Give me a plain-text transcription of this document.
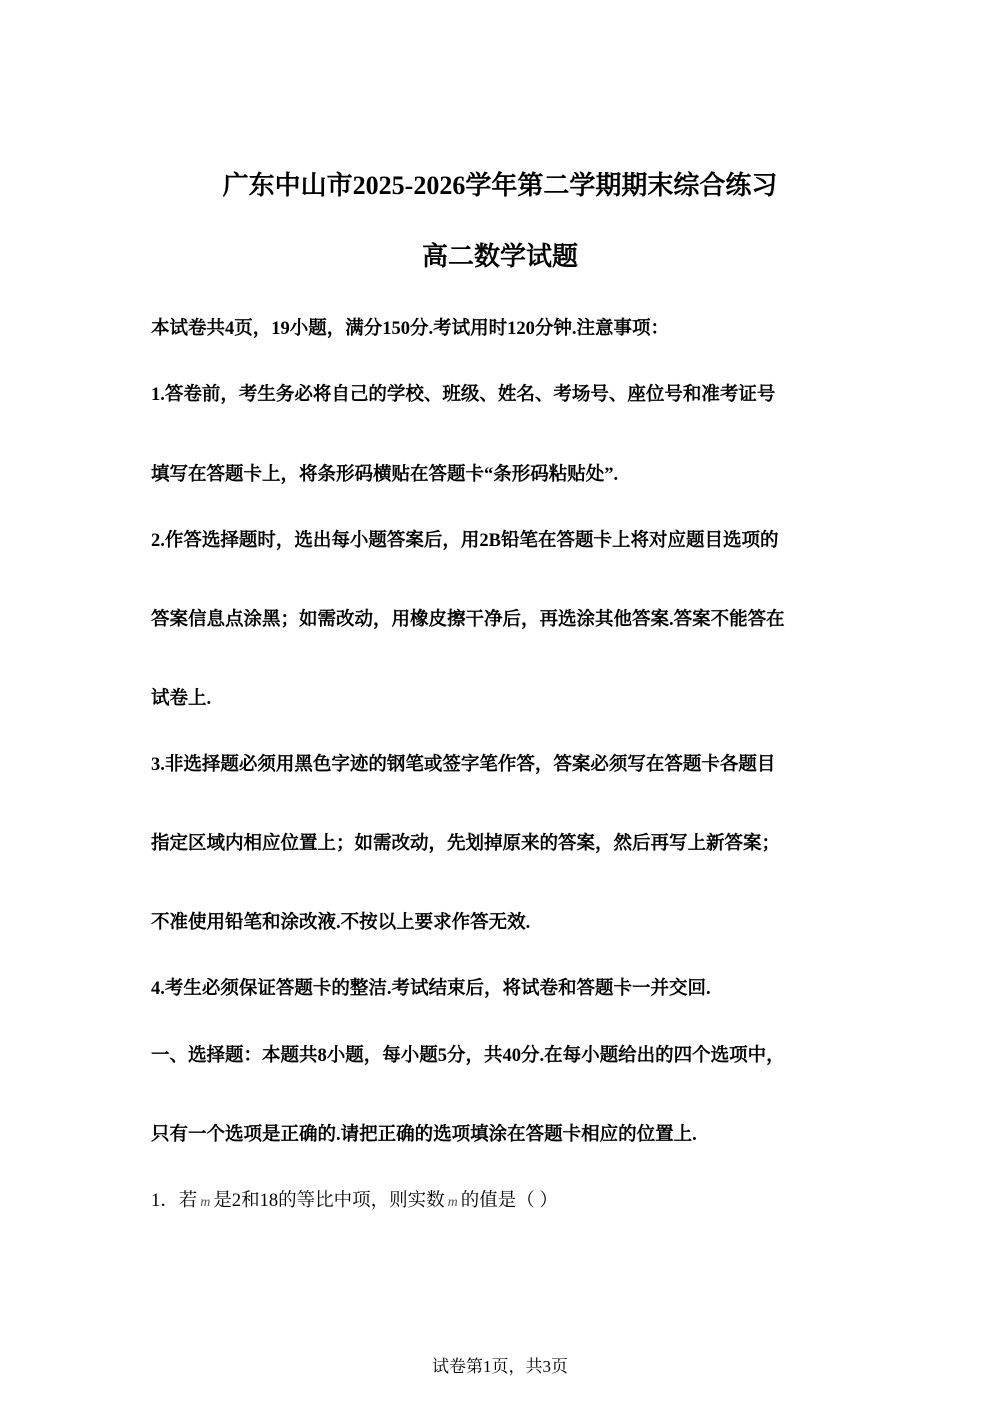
广东中山市2025-2026学年第二学期期末综合练习
高二数学试题
本试卷共4页，19小题，满分150分.考试用时120分钟.注意事项：
1.答卷前，考生务必将自己的学校、班级、姓名、考场号、座位号和准考证号
填写在答题卡上，将条形码横贴在答题卡“条形码粘贴处”.
2.作答选择题时，选出每小题答案后，用2B铅笔在答题卡上将对应题目选项的
答案信息点涂黑；如需改动，用橡皮擦干净后，再选涂其他答案.答案不能答在
试卷上.
3.非选择题必须用黑色字迹的钢笔或签字笔作答，答案必须写在答题卡各题目
指定区域内相应位置上；如需改动，先划掉原来的答案，然后再写上新答案；
不准使用铅笔和涂改液.不按以上要求作答无效.
4.考生必须保证答题卡的整洁.考试结束后，将试卷和答题卡一并交回.
一、选择题：本题共8小题，每小题5分，共40分.在每小题给出的四个选项中，
只有一个选项是正确的.请把正确的选项填涂在答题卡相应的位置上.
1．若 m 是2和18的等比中项，则实数 m 的值是（ ）
试卷第1页，共3页
